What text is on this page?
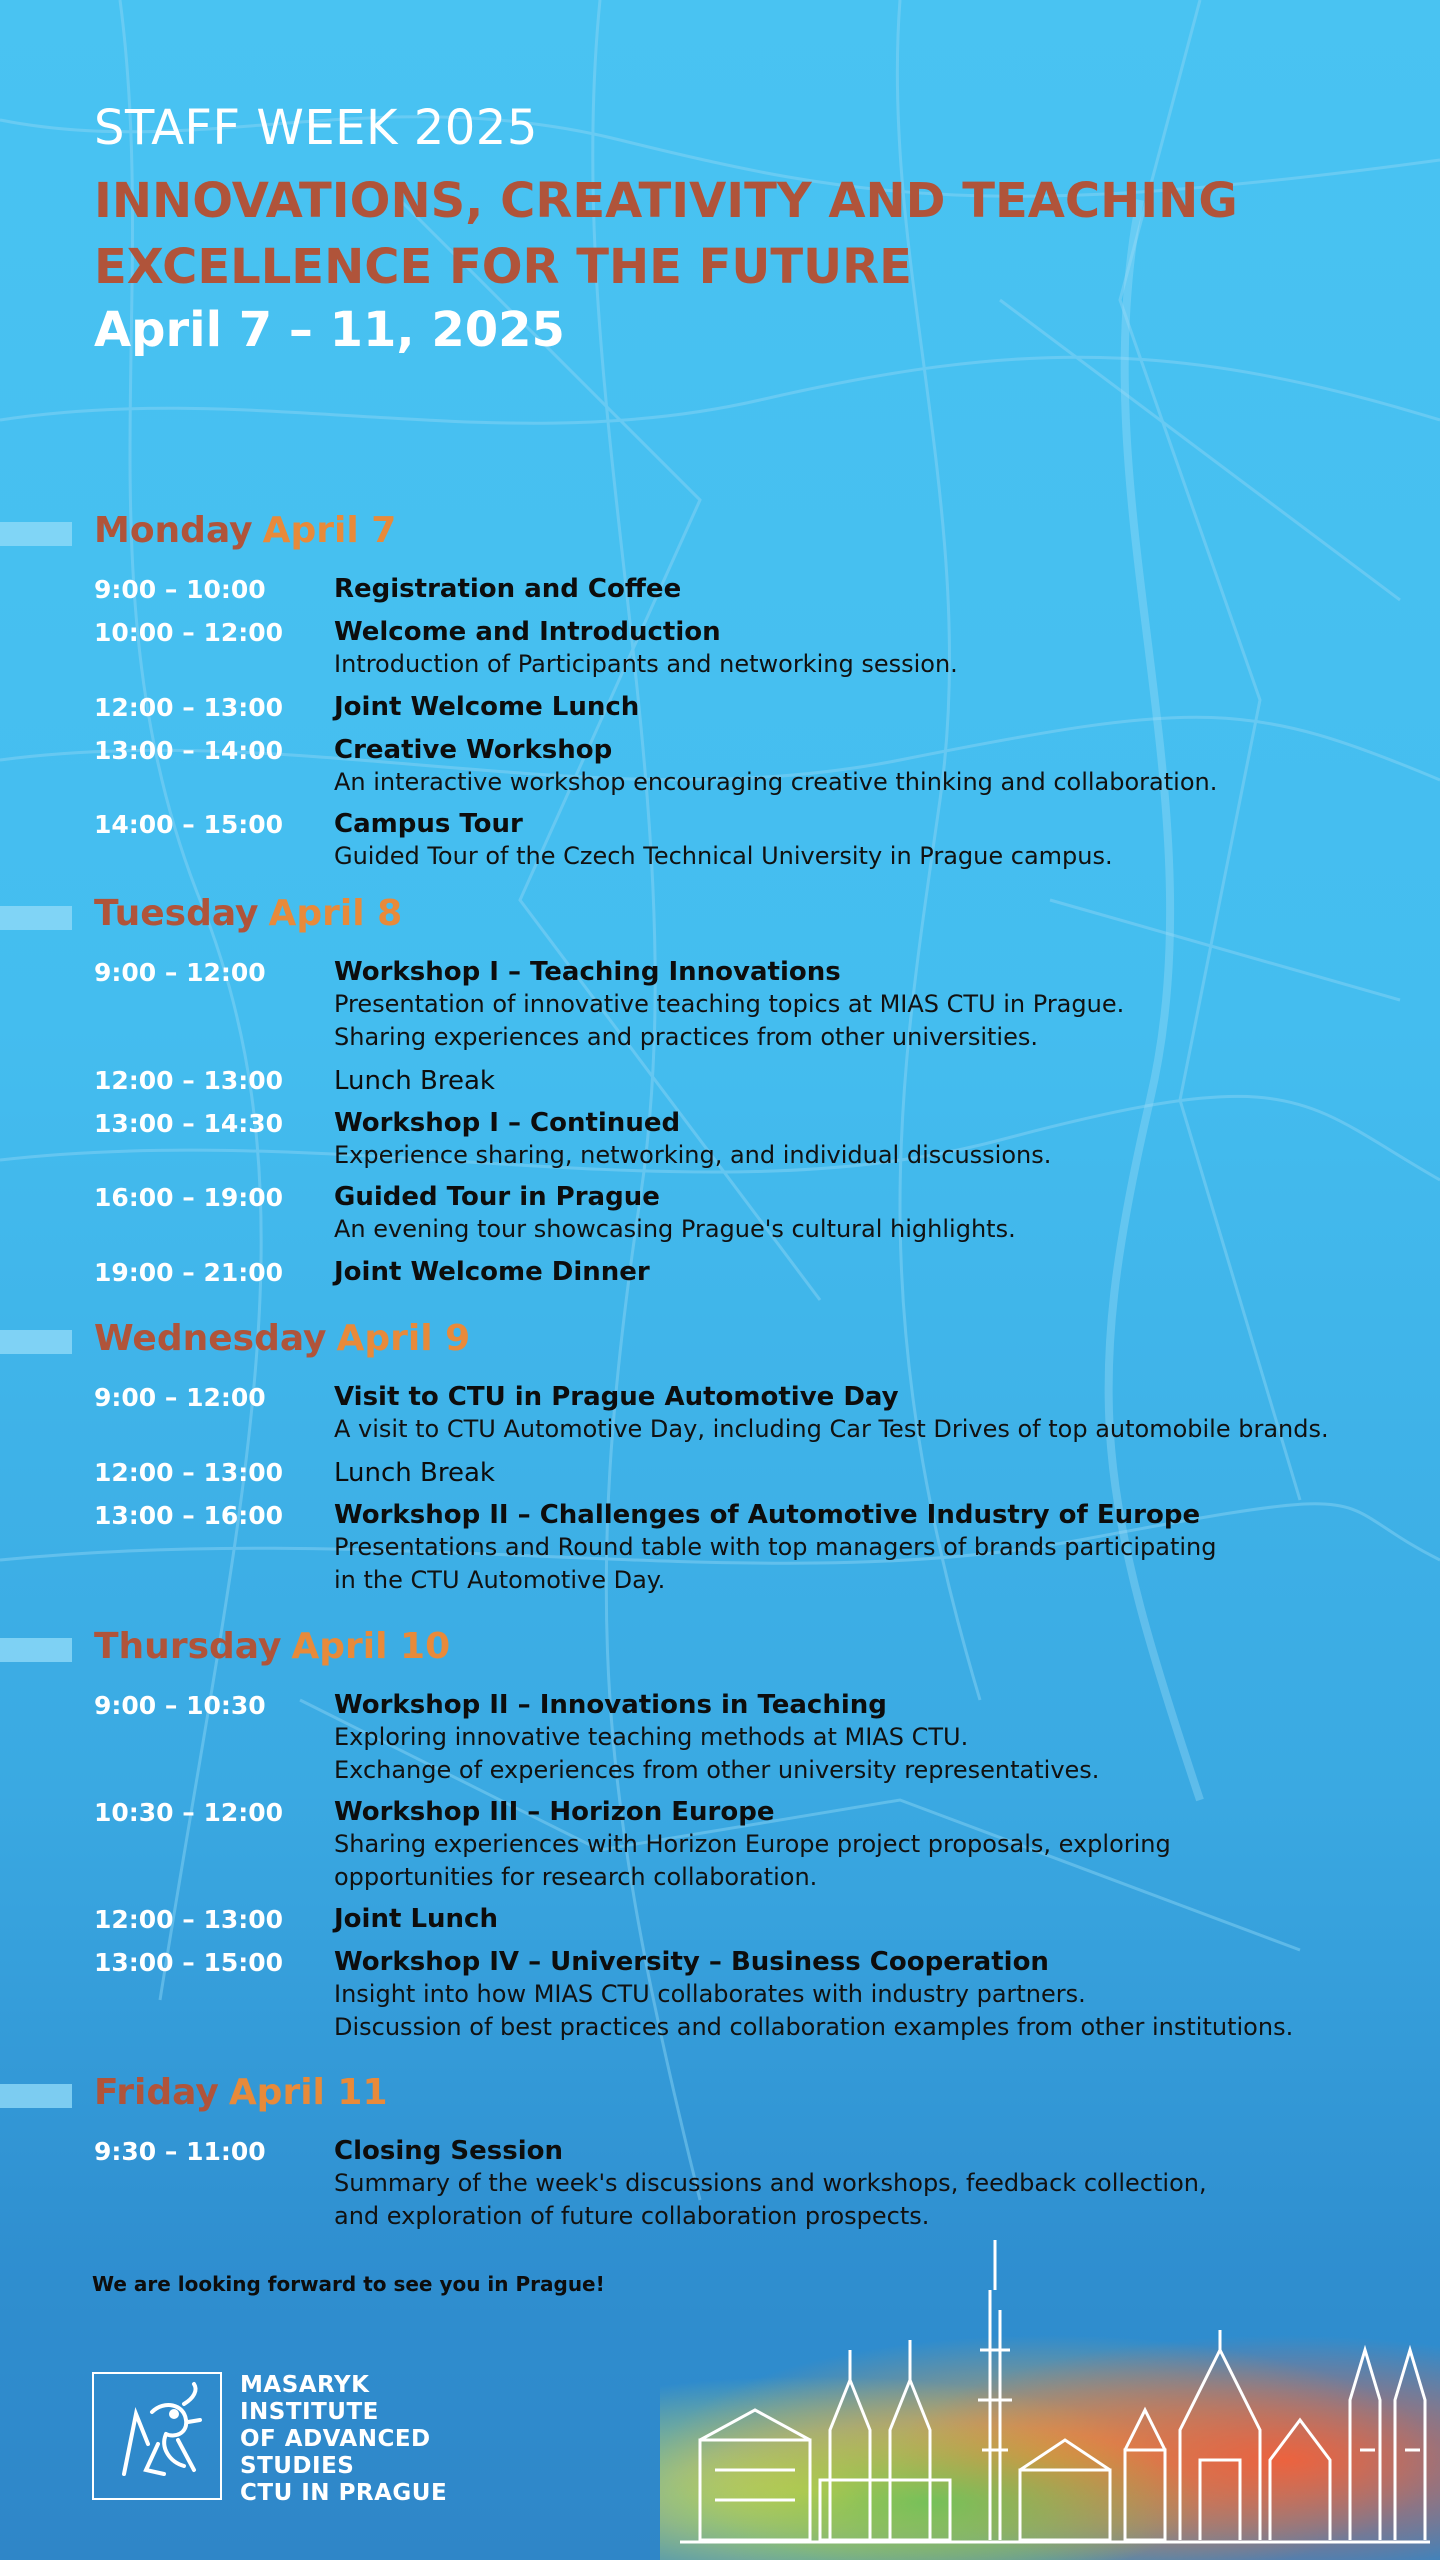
STAFF WEEK 2025
INNOVATIONS, CREATIVITY AND TEACHING EXCELLENCE FOR THE FUTURE
April 7 – 11, 2025
Monday April 7
9:00 – 10:00	Registration and Coffee
10:00 – 12:00 Welcome and Introduction
Introduction of Participants and networking session.
12:00 – 13:00 Joint Welcome Lunch
13:00 – 14:00 Creative Workshop
An interactive workshop encouraging creative thinking and collaboration.
14:00 – 15:00 Campus Tour
Guided Tour of the Czech Technical University in Prague campus.
Tuesday April 8
9:00 – 12:00	Workshop I – Teaching Innovations
Presentation of innovative teaching topics at MIAS CTU in Prague.
Sharing experiences and practices from other universities.
12:00 – 13:00 Lunch Break
13:00 – 14:30 Workshop I – Continued
Experience sharing, networking, and individual discussions.
16:00 – 19:00 Guided Tour in Prague
An evening tour showcasing Prague's cultural highlights.
19:00 – 21:00 Joint Welcome Dinner
Wednesday April 9
9:00 – 12:00	Visit to CTU in Prague Automotive Day
A visit to CTU Automotive Day, including Car Test Drives of top automobile brands.
12:00 – 13:00 Lunch Break
13:00 – 16:00 Workshop II – Challenges of Automotive Industry of Europe
Presentations and Round table with top managers of brands participating
in the CTU Automotive Day.
Thursday April 10
9:00 – 10:30	Workshop II – Innovations in Teaching
Exploring innovative teaching methods at MIAS CTU.
Exchange of experiences from other university representatives.
10:30 – 12:00 Workshop III – Horizon Europe
Sharing experiences with Horizon Europe project proposals, exploring
opportunities for research collaboration.
12:00 – 13:00 Joint Lunch
13:00 – 15:00 Workshop IV – University – Business Cooperation
Insight into how MIAS CTU collaborates with industry partners.
Discussion of best practices and collaboration examples from other institutions.
Friday April 11
9:30 – 11:00	Closing Session
Summary of the week's discussions and workshops, feedback collection,
and exploration of future collaboration prospects.
We are looking forward to see you in Prague!
MASARYK
INSTITUTE
OF ADVANCED
STUDIES
CTU IN PRAGUE
